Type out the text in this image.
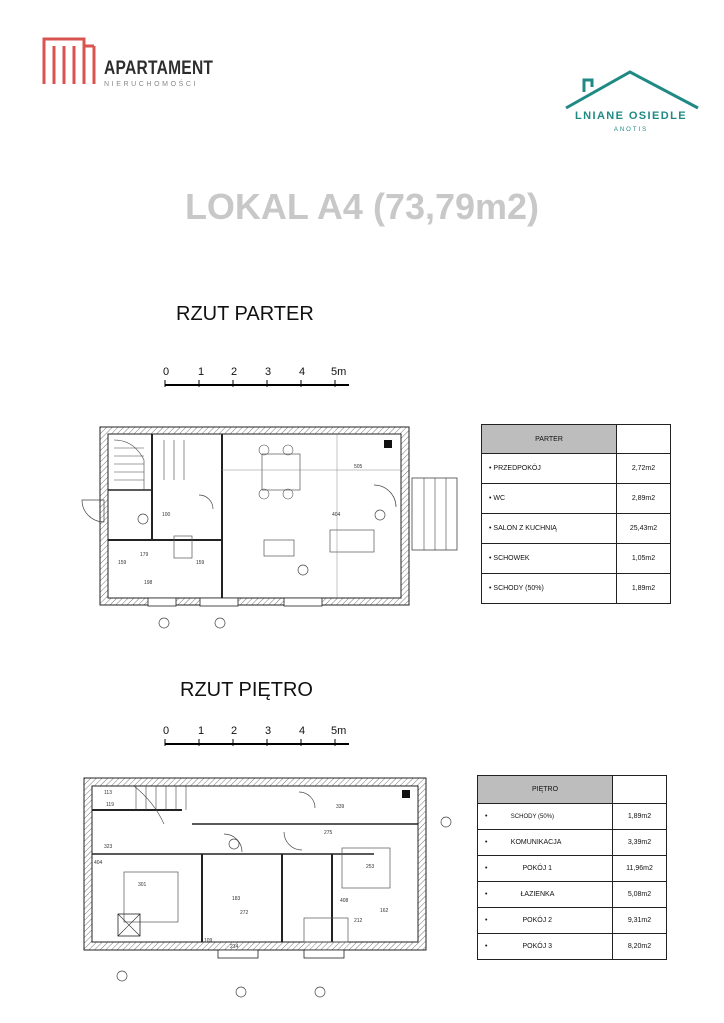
APARTAMENT
NIERUCHOMOŚCI
LNIANE OSIEDLE
ANOTIS
LOKAL A4 (73,79m2)
RZUT PARTER
0	1 2	3	4 5m
505
404
100
179
198
159	159
PARTER	
• PRZEDPOKÓJ	2,72m2
• WC	2,89m2
• SALON Z KUCHNIĄ	25,43m2
• SCHOWEK	1,05m2
• SCHODY (50%)	1,89m2
RZUT PIĘTRO
0	1 2	3	4 5m
339
301
272
183	408
253
162
212
214
109
404
113
119
323
275
PIĘTRO	
•            SCHODY (50%)	1,89m2
•            KOMUNIKACJA	3,39m2
•                  POKÓJ 1	11,96m2
•                 ŁAZIENKA	5,08m2
•                  POKÓJ 2	9,31m2
•                  POKÓJ 3	8,20m2
